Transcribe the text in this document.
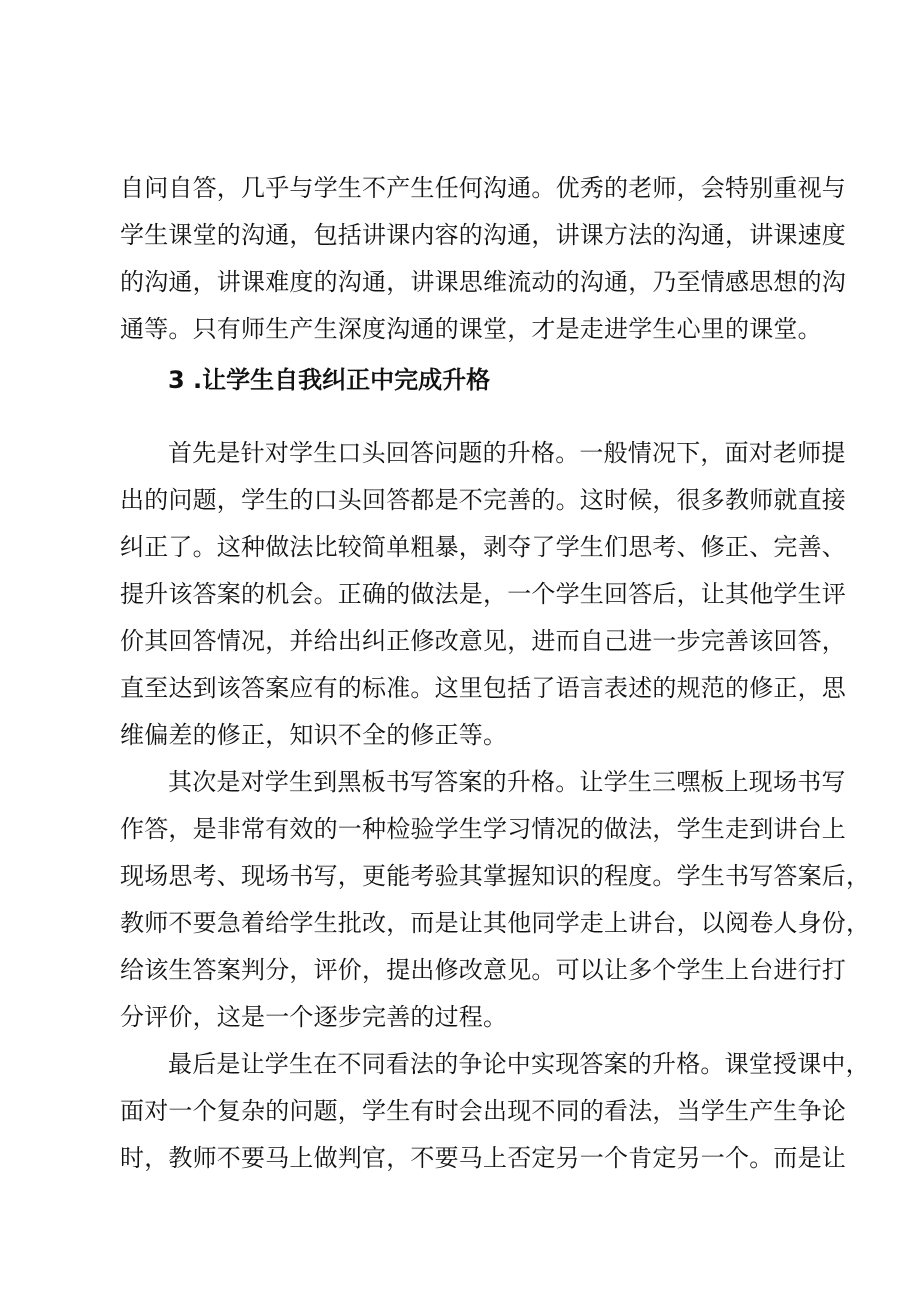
自问自答，几乎与学生不产生任何沟通。优秀的老师，会特别重视与
学生课堂的沟通，包括讲课内容的沟通，讲课方法的沟通，讲课速度
的沟通，讲课难度的沟通，讲课思维流动的沟通，乃至情感思想的沟
通等。只有师生产生深度沟通的课堂，才是走进学生心里的课堂。
3 .让学生自我纠正中完成升格
首先是针对学生口头回答问题的升格。一般情况下，面对老师提
出的问题，学生的口头回答都是不完善的。这时候，很多教师就直接
纠正了。这种做法比较简单粗暴，剥夺了学生们思考、修正、完善、
提升该答案的机会。正确的做法是，一个学生回答后，让其他学生评
价其回答情况，并给出纠正修改意见，进而自己进一步完善该回答，
直至达到该答案应有的标准。这里包括了语言表述的规范的修正，思
维偏差的修正，知识不全的修正等。
其次是对学生到黑板书写答案的升格。让学生三嘿板上现场书写
作答，是非常有效的一种检验学生学习情况的做法，学生走到讲台上
现场思考、现场书写，更能考验其掌握知识的程度。学生书写答案后，
教师不要急着给学生批改，而是让其他同学走上讲台，以阅卷人身份，
给该生答案判分，评价，提出修改意见。可以让多个学生上台进行打
分评价，这是一个逐步完善的过程。
最后是让学生在不同看法的争论中实现答案的升格。课堂授课中，
面对一个复杂的问题，学生有时会出现不同的看法，当学生产生争论
时，教师不要马上做判官，不要马上否定另一个肯定另一个。而是让
